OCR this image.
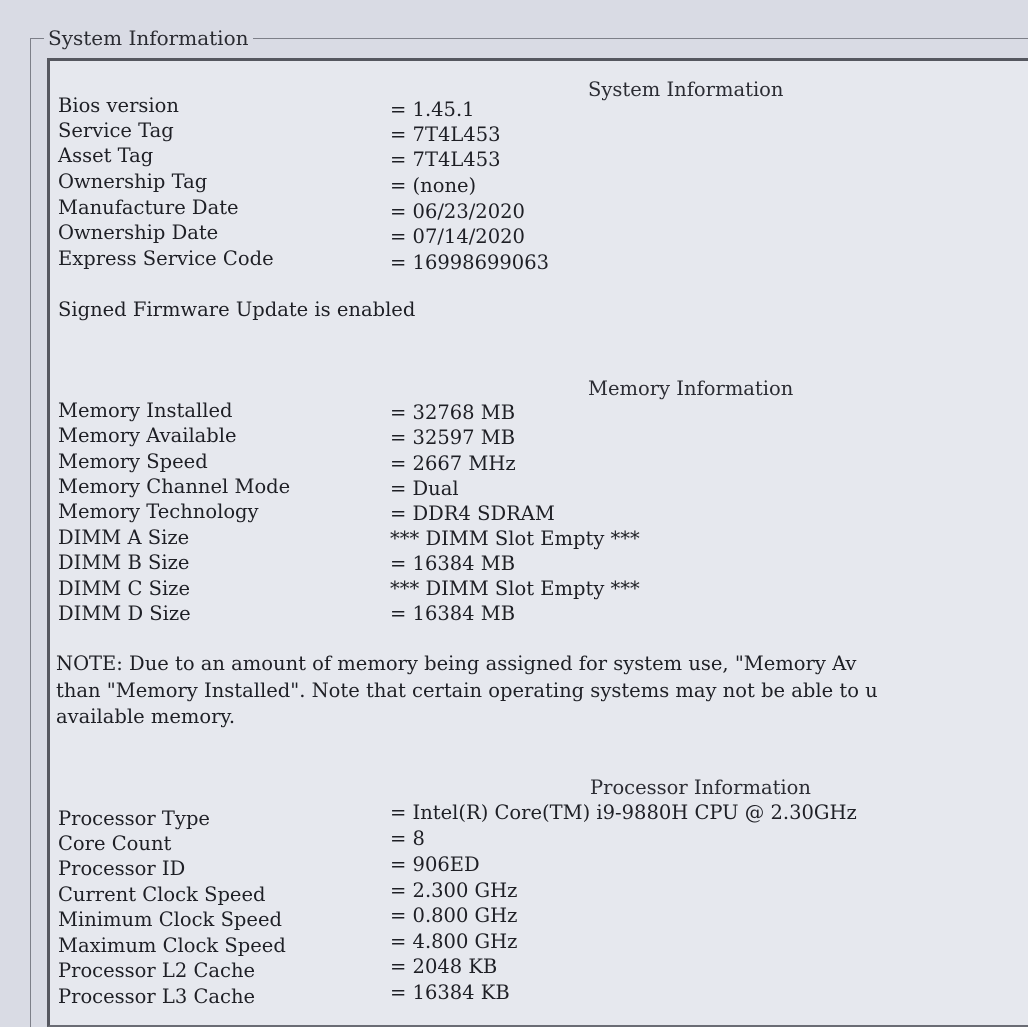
System Information
System Information
Bios version	= 1.45.1
Service Tag	= 7T4L453
Asset Tag	= 7T4L453
Ownership Tag	= (none)
Manufacture Date	= 06/23/2020
Ownership Date	= 07/14/2020
Express Service Code	= 16998699063
Signed Firmware Update is enabled
Memory Information
Memory Installed	= 32768 MB
Memory Available	= 32597 MB
Memory Speed	= 2667 MHz
Memory Channel Mode	= Dual
Memory Technology	= DDR4 SDRAM
DIMM A Size	*** DIMM Slot Empty ***
DIMM B Size	= 16384 MB
DIMM C Size	*** DIMM Slot Empty ***
DIMM D Size	= 16384 MB
NOTE: Due to an amount of memory being assigned for system use, "Memory Av
than "Memory Installed". Note that certain operating systems may not be able to u
available memory.
Processor Information
Processor Type	= Intel(R) Core(TM) i9-9880H CPU @ 2.30GHz
Core Count	= 8
Processor ID	= 906ED
Current Clock Speed	= 2.300 GHz
Minimum Clock Speed	= 0.800 GHz
Maximum Clock Speed	= 4.800 GHz
Processor L2 Cache	= 2048 KB
Processor L3 Cache	= 16384 KB
